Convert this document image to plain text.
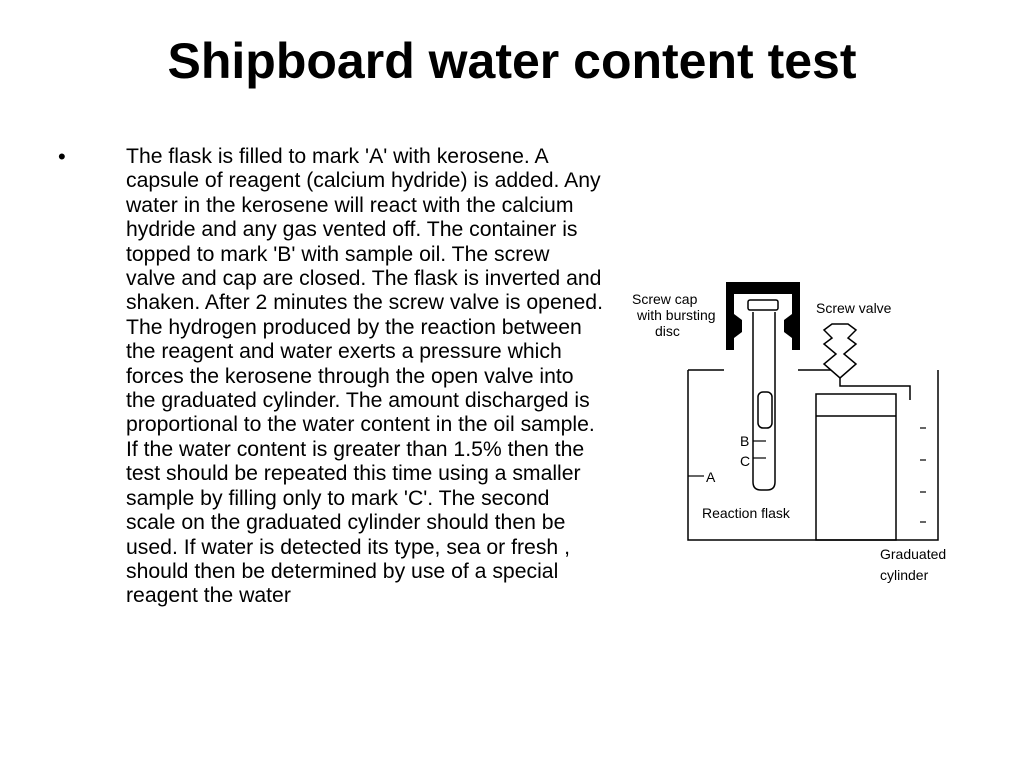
Shipboard water content test
•	The flask is filled to mark 'A' with kerosene. A capsule of reagent (calcium hydride) is added. Any water in the kerosene will react with the calcium hydride and any gas vented off. The container is topped to mark 'B' with sample oil. The screw valve and cap are closed. The flask is inverted and shaken. After 2 minutes the screw valve is opened. The hydrogen produced by the reaction between the reagent and water exerts a pressure which forces the kerosene through the open valve into the graduated cylinder. The amount discharged is proportional to the water content in the oil sample. If the water content is greater than 1.5% then the test should be repeated this time using a smaller sample by filling only to mark 'C'. The second scale on the graduated cylinder should then be used. If water is detected its type, sea or fresh , should then be determined by use of a special reagent the water

B
C
A
Screw cap
with bursting
disc
Screw valve
Reaction flask
Graduated
cylinder
